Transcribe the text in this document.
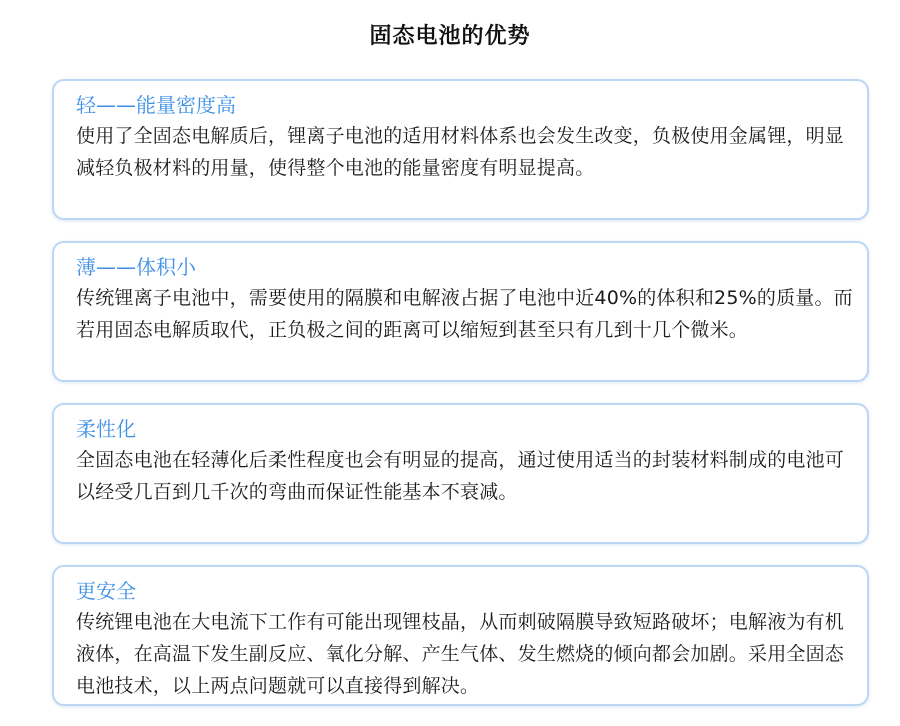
固态电池的优势
轻——能量密度高
使用了全固态电解质后，锂离子电池的适用材料体系也会发生改变，负极使用金属锂，明显减轻负极材料的用量，使得整个电池的能量密度有明显提高。
薄——体积小
传统锂离子电池中，需要使用的隔膜和电解液占据了电池中近40%的体积和25%的质量。而若用固态电解质取代，正负极之间的距离可以缩短到甚至只有几到十几个微米。
柔性化
全固态电池在轻薄化后柔性程度也会有明显的提高，通过使用适当的封装材料制成的电池可以经受几百到几千次的弯曲而保证性能基本不衰减。
更安全
传统锂电池在大电流下工作有可能出现锂枝晶，从而刺破隔膜导致短路破坏；电解液为有机液体，在高温下发生副反应、氧化分解、产生气体、发生燃烧的倾向都会加剧。采用全固态电池技术，以上两点问题就可以直接得到解决。
